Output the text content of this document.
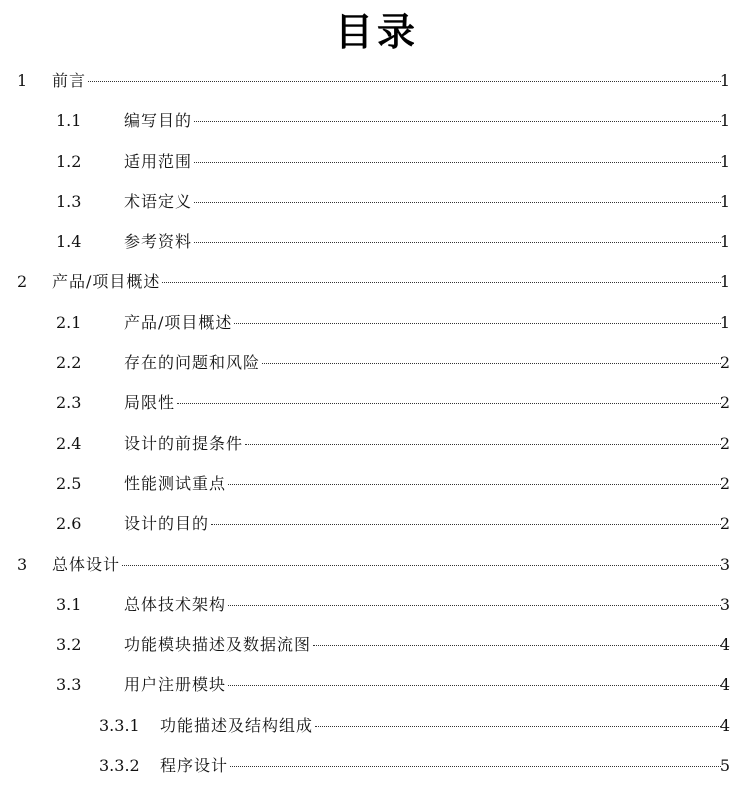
目录
1 前言	1
1.1	编写目的	1
1.2	适用范围	1
1.3	术语定义	1
1.4	参考资料	1
2 产品/项目概述	1
2.1	产品/项目概述	1
2.2	存在的问题和风险	2
2.3	局限性	2
2.4	设计的前提条件	2
2.5	性能测试重点	2
2.6	设计的目的	2
3 总体设计	3
3.1	总体技术架构	3
3.2	功能模块描述及数据流图	4
3.3	用户注册模块	4
3.3.1 功能描述及结构组成	4
3.3.2 程序设计	5
